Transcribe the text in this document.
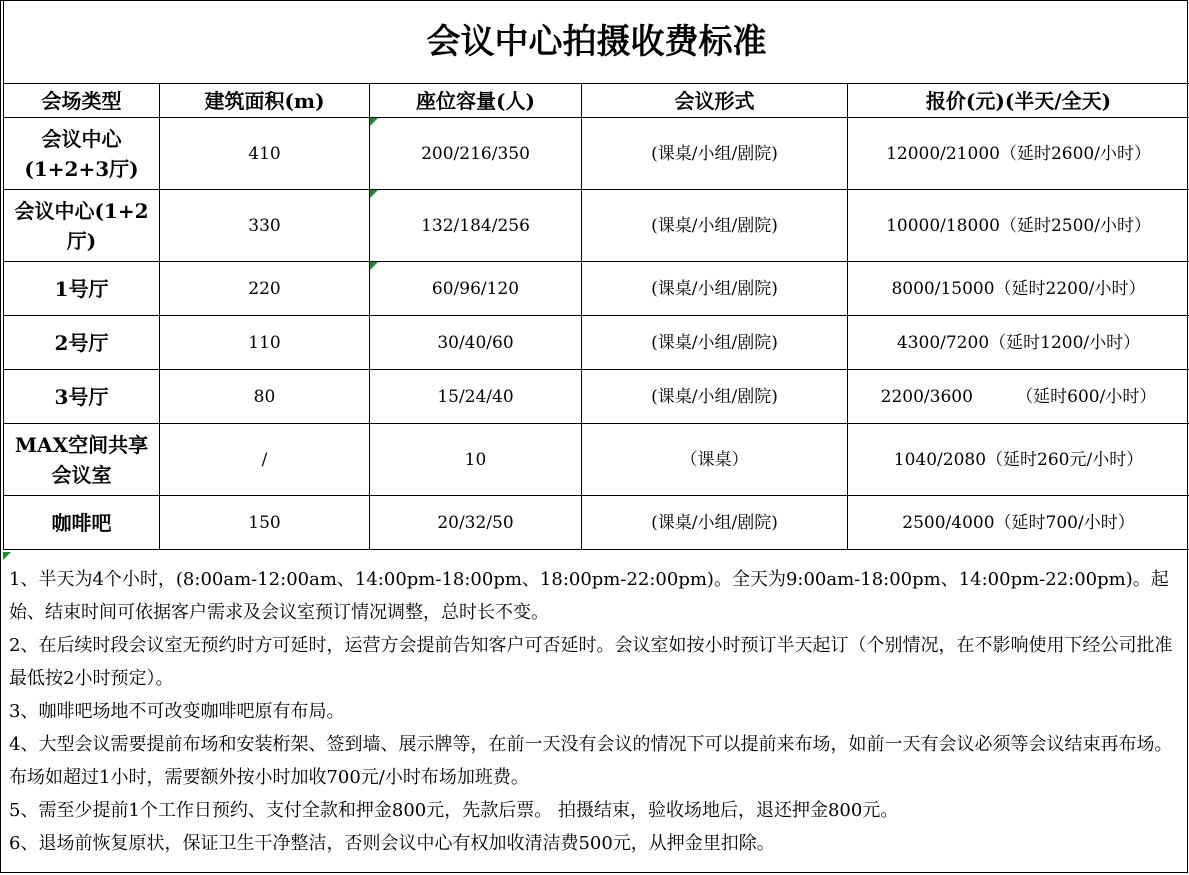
会议中心拍摄收费标准				
会场类型	建筑面积(m)	座位容量(人)	会议形式	报价(元)(半天/全天)
会议中心(1+2+3厅)	410	200/216/350	(课桌/小组/剧院)	12000/21000（延时2600/小时）
会议中心(1+2厅)	330	132/184/256	(课桌/小组/剧院)	10000/18000（延时2500/小时）
1号厅	220	60/96/120	(课桌/小组/剧院)	8000/15000（延时2200/小时）
2号厅	110	30/40/60	(课桌/小组/剧院)	4300/7200（延时1200/小时）
3号厅	80	15/24/40	(课桌/小组/剧院)	2200/3600        （延时600/小时）
MAX空间共享会议室	/	10	（课桌）	1040/2080（延时260元/小时）
咖啡吧	150	20/32/50	(课桌/小组/剧院)	2500/4000（延时700/小时）

1、半天为4个小时，(8:00am-12:00am、14:00pm-18:00pm、18:00pm-22:00pm)。全天为9:00am-18:00pm、14:00pm-22:00pm)。起始、结束时间可依据客户需求及会议室预订情况调整，总时长不变。

2、在后续时段会议室无预约时方可延时，运营方会提前告知客户可否延时。会议室如按小时预订半天起订（个别情况，在不影响使用下经公司批准最低按2小时预定）。

3、咖啡吧场地不可改变咖啡吧原有布局。

4、大型会议需要提前布场和安装桁架、签到墙、展示牌等，在前一天没有会议的情况下可以提前来布场，如前一天有会议必须等会议结束再布场。布场如超过1小时，需要额外按小时加收700元/小时布场加班费。

5、需至少提前1个工作日预约、支付全款和押金800元，先款后票。 拍摄结束，验收场地后，退还押金800元。

6、退场前恢复原状，保证卫生干净整洁，否则会议中心有权加收清洁费500元，从押金里扣除。
